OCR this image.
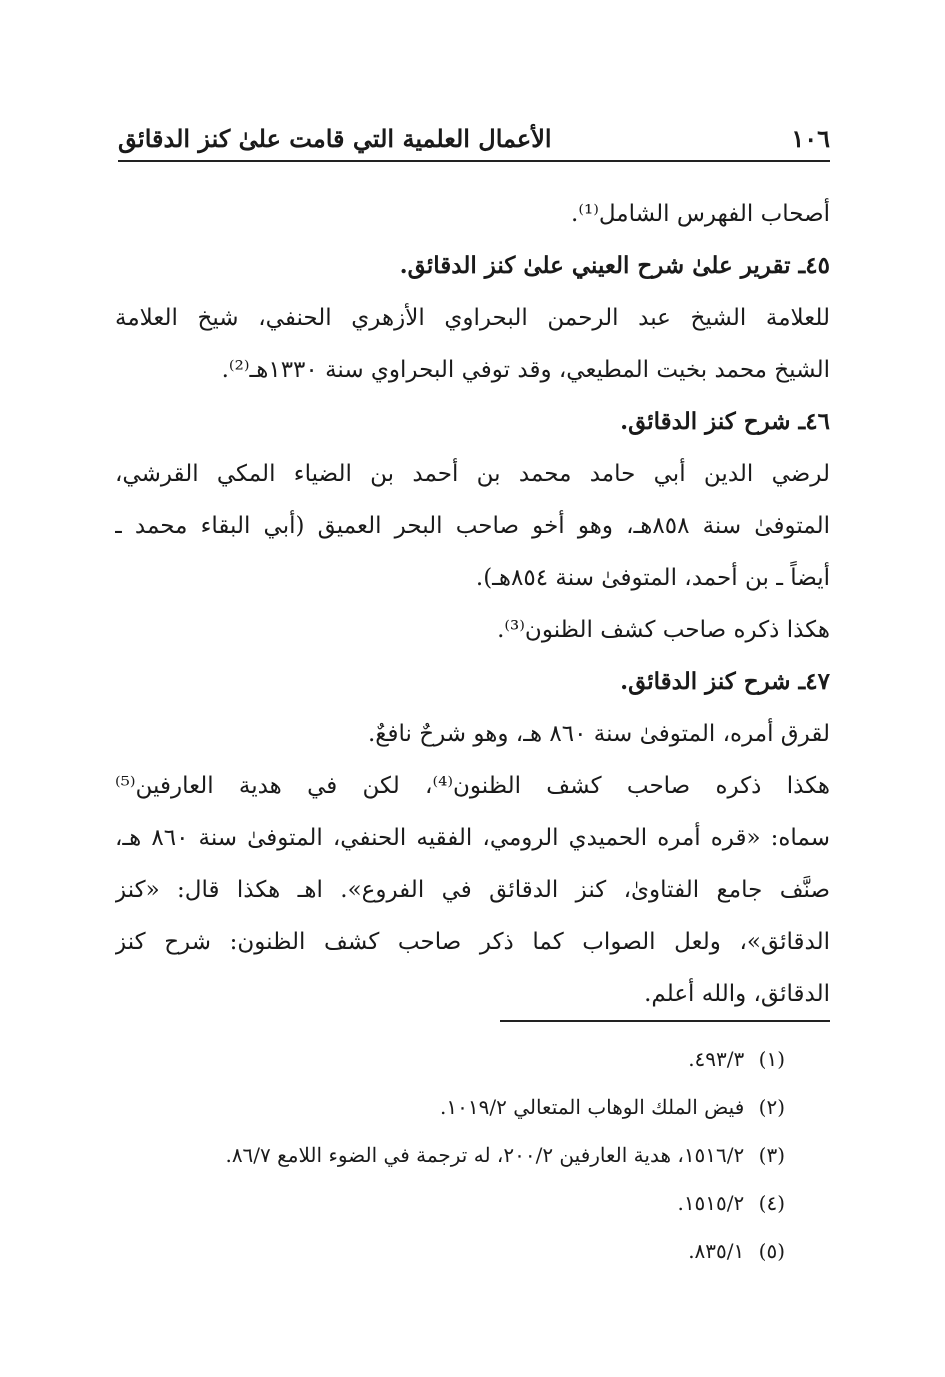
١٠٦
الأعمال العلمية التي قامت علىٰ كنز الدقائق
أصحاب الفهرس الشامل⁽¹⁾.
٤٥ـ تقرير علىٰ شرح العيني علىٰ كنز الدقائق.
للعلامة الشيخ عبد الرحمن البحراوي الأزهري الحنفي، شيخ العلامة
الشيخ محمد بخيت المطيعي، وقد توفي البحراوي سنة ١٣٣٠هـ⁽²⁾.
٤٦ـ شرح كنز الدقائق.
لرضي الدين أبي حامد محمد بن أحمد بن الضياء المكي القرشي،
المتوفىٰ سنة ٨٥٨هـ، وهو أخو صاحب البحر العميق (أبي البقاء محمد ـ
أيضاً ـ بن أحمد، المتوفىٰ سنة ٨٥٤هـ).
هكذا ذكره صاحب كشف الظنون⁽³⁾.
٤٧ـ شرح كنز الدقائق.
لقرق أمره، المتوفىٰ سنة ٨٦٠ هـ، وهو شرحٌ نافعٌ.
هكذا ذكره صاحب كشف الظنون⁽⁴⁾، لكن في هدية العارفين⁽⁵⁾
سماه: «قره أمره الحميدي الرومي، الفقيه الحنفي، المتوفىٰ سنة ٨٦٠ هـ،
صنَّف جامع الفتاوىٰ، كنز الدقائق في الفروع». اهـ هكذا قال: «كنز
الدقائق»، ولعل الصواب كما ذكر صاحب كشف الظنون: شرح كنز
الدقائق، والله أعلم.
(١) ٤٩٣/٣.
(٢) فيض الملك الوهاب المتعالي ١٠١٩/٢.
(٣) ١٥١٦/٢، هدية العارفين ٢٠٠/٢، له ترجمة في الضوء اللامع ٨٦/٧.
(٤) ١٥١٥/٢.
(٥) ٨٣٥/١.
